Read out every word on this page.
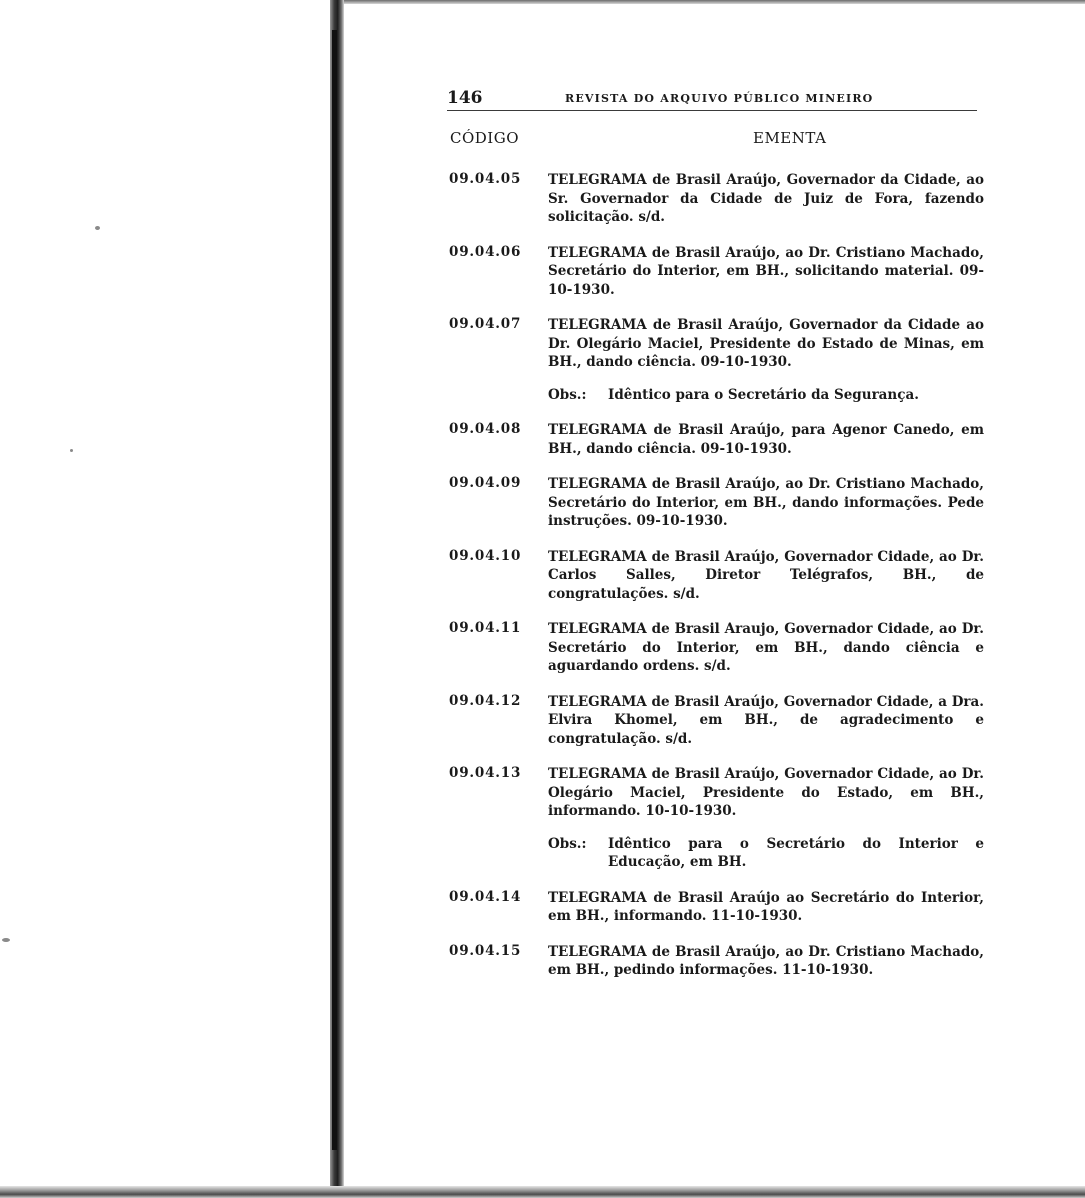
146	REVISTA DO ARQUIVO PÚBLICO MINEIRO
CÓDIGO	EMENTA
09.04.05	TELEGRAMA de Brasil Araújo, Governador da Cidade, ao Sr. Governador da Cidade de Juiz de Fora, fazendo solicitação. s/d.
09.04.06	TELEGRAMA de Brasil Araújo, ao Dr. Cristiano Machado, Secretário do Interior, em BH., solicitando material. 09-10-1930.
09.04.07	TELEGRAMA de Brasil Araújo, Governador da Cidade ao Dr. Olegário Maciel, Presidente do Estado de Minas, em BH., dando ciência. 09-10-1930.
Obs.:	Idêntico para o Secretário da Segurança.
09.04.08	TELEGRAMA de Brasil Araújo, para Agenor Canedo, em BH., dando ciência. 09-10-1930.
09.04.09	TELEGRAMA de Brasil Araújo, ao Dr. Cristiano Machado, Secretário do Interior, em BH., dando informações. Pede instruções. 09-10-1930.
09.04.10	TELEGRAMA de Brasil Araújo, Governador Cidade, ao Dr. Carlos Salles, Diretor Telégrafos, BH., de congratulações. s/d.
09.04.11	TELEGRAMA de Brasil Araujo, Governador Cidade, ao Dr. Secretário do Interior, em BH., dando ciência e aguardando ordens. s/d.
09.04.12	TELEGRAMA de Brasil Araújo, Governador Cidade, a Dra. Elvira Khomel, em BH., de agradecimento e congratulação. s/d.
09.04.13	TELEGRAMA de Brasil Araújo, Governador Cidade, ao Dr. Olegário Maciel, Presidente do Estado, em BH., informando. 10-10-1930.
Obs.:	Idêntico para o Secretário do Interior e Educação, em BH.
09.04.14	TELEGRAMA de Brasil Araújo ao Secretário do Interior, em BH., informando. 11-10-1930.
09.04.15	TELEGRAMA de Brasil Araújo, ao Dr. Cristiano Machado, em BH., pedindo informações. 11-10-1930.
